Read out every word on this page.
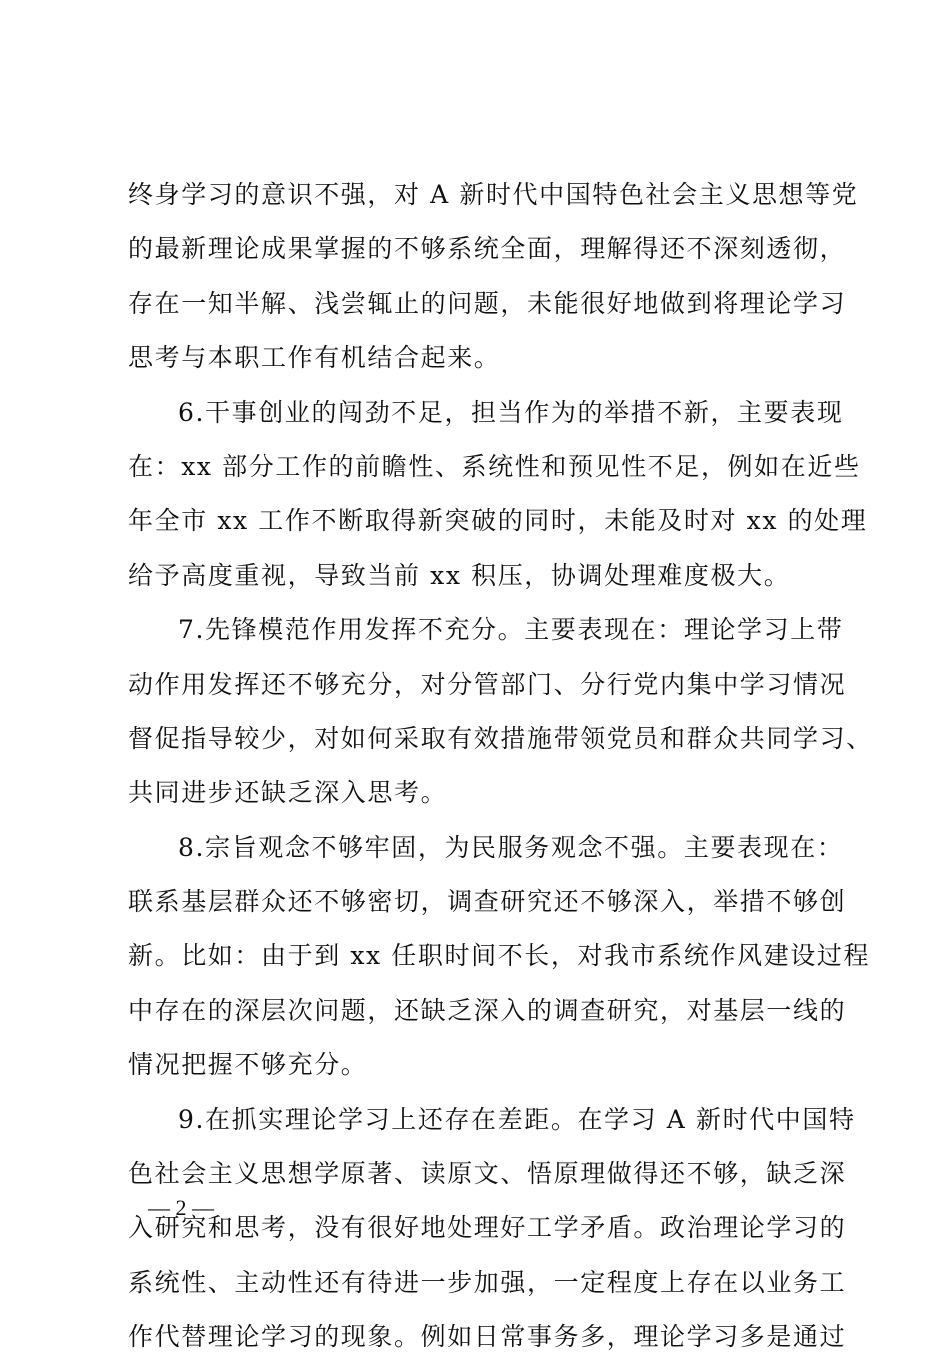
终身学习的意识不强，对 A 新时代中国特色社会主义思想等党
的最新理论成果掌握的不够系统全面，理解得还不深刻透彻，
存在一知半解、浅尝辄止的问题，未能很好地做到将理论学习
思考与本职工作有机结合起来。
6.干事创业的闯劲不足，担当作为的举措不新，主要表现
在：xx 部分工作的前瞻性、系统性和预见性不足，例如在近些
年全市 xx 工作不断取得新突破的同时，未能及时对 xx 的处理
给予高度重视，导致当前 xx 积压，协调处理难度极大。
7.先锋模范作用发挥不充分。主要表现在：理论学习上带
动作用发挥还不够充分，对分管部门、分行党内集中学习情况
督促指导较少，对如何采取有效措施带领党员和群众共同学习、
共同进步还缺乏深入思考。
8.宗旨观念不够牢固，为民服务观念不强。主要表现在：
联系基层群众还不够密切，调查研究还不够深入，举措不够创
新。比如：由于到 xx 任职时间不长，对我市系统作风建设过程
中存在的深层次问题，还缺乏深入的调查研究，对基层一线的
情况把握不够充分。
9.在抓实理论学习上还存在差距。在学习 A 新时代中国特
色社会主义思想学原著、读原文、悟原理做得还不够，缺乏深
入研究和思考，没有很好地处理好工学矛盾。政治理论学习的
系统性、主动性还有待进一步加强，一定程度上存在以业务工
作代替理论学习的现象。例如日常事务多，理论学习多是通过
— 2 —
